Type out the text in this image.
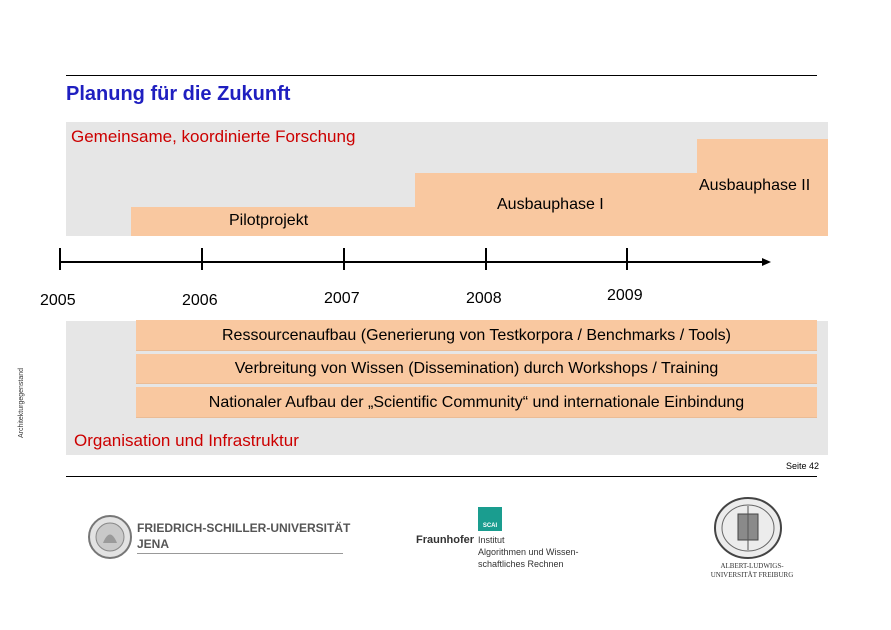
Planung für die Zukunft
Gemeinsame, koordinierte Forschung
Pilotprojekt
Ausbauphase I
Ausbauphase II
2005	2006	2007	2008	2009
Ressourcenaufbau (Generierung von Testkorpora / Benchmarks / Tools)
Verbreitung von Wissen (Dissemination) durch Workshops / Training
Nationaler Aufbau der „Scientific Community“ und internationale Einbindung
Organisation und Infrastruktur
Architekturgegenstand
Seite 42
FRIEDRICH-SCHILLER-UNIVERSITÄT
JENA
SCAI
Fraunhofer Institut
Algorithmen und Wissen-
schaftliches Rechnen	ALBERT-LUDWIGS-
UNIVERSITÄT FREIBURG
